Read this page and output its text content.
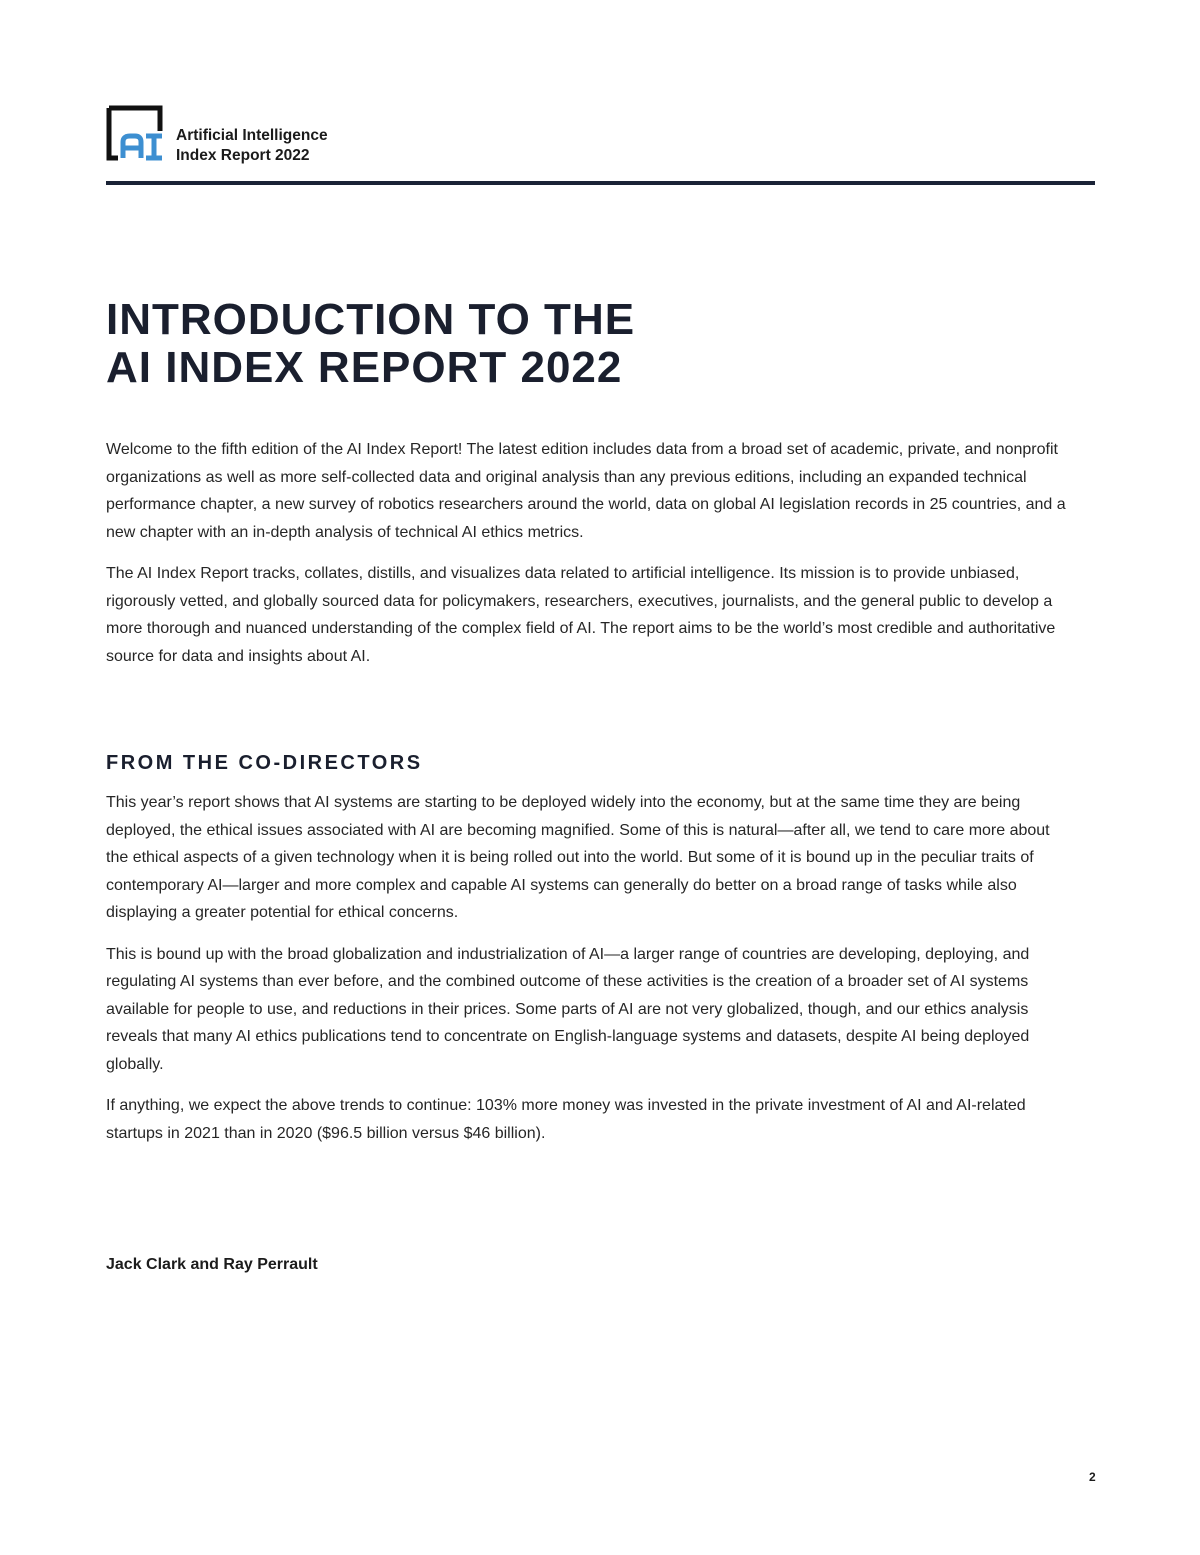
Artificial Intelligence
Index Report 2022
INTRODUCTION TO THE
AI INDEX REPORT 2022

Welcome to the fifth edition of the AI Index Report! The latest edition includes data from a broad set of academic, private, and nonprofit organizations as well as more self-collected data and original analysis than any previous editions, including an expanded technical performance chapter, a new survey of robotics researchers around the world, data on global AI legislation records in 25 countries, and a new chapter with an in-depth analysis of technical AI ethics metrics.

The AI Index Report tracks, collates, distills, and visualizes data related to artificial intelligence. Its mission is to provide unbiased, rigorously vetted, and globally sourced data for policymakers, researchers, executives, journalists, and the general public to develop a more thorough and nuanced understanding of the complex field of AI. The report aims to be the world’s most credible and authoritative source for data and insights about AI.

FROM THE CO-DIRECTORS

This year’s report shows that AI systems are starting to be deployed widely into the economy, but at the same time they are being deployed, the ethical issues associated with AI are becoming magnified. Some of this is natural—after all, we tend to care more about the ethical aspects of a given technology when it is being rolled out into the world. But some of it is bound up in the peculiar traits of contemporary AI—larger and more complex and capable AI systems can generally do better on a broad range of tasks while also displaying a greater potential for ethical concerns.

This is bound up with the broad globalization and industrialization of AI—a larger range of countries are developing, deploying, and regulating AI systems than ever before, and the combined outcome of these activities is the creation of a broader set of AI systems available for people to use, and reductions in their prices. Some parts of AI are not very globalized, though, and our ethics analysis reveals that many AI ethics publications tend to concentrate on English-language systems and datasets, despite AI being deployed globally.

If anything, we expect the above trends to continue: 103% more money was invested in the private investment of AI and AI-related startups in 2021 than in 2020 ($96.5 billion versus $46 billion).

Jack Clark and Ray Perrault
2
